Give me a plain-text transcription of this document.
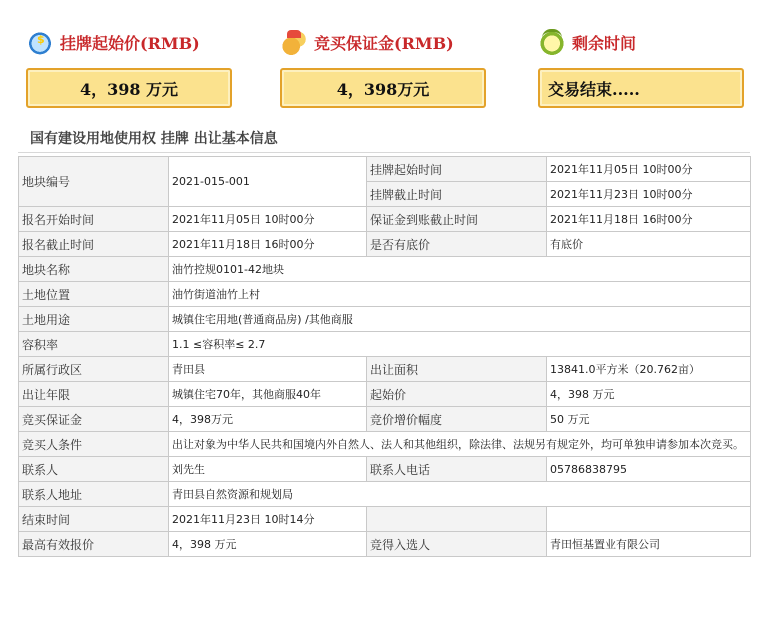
$
挂牌起始价(RMB)
4，398 万元
竞买保证金(RMB)
4，398万元
剩余时间
交易结束.....
国有建设用地使用权 挂牌 出让基本信息
地块编号	2021-015-001	挂牌起始时间	2021年11月05日 10时00分
		挂牌截止时间	2021年11月23日 10时00分
报名开始时间	2021年11月05日 10时00分	保证金到账截止时间	2021年11月18日 16时00分
报名截止时间	2021年11月18日 16时00分	是否有底价	有底价
地块名称	油竹控规0101-42地块		
土地位置	油竹街道油竹上村		
土地用途	城镇住宅用地(普通商品房) /其他商服		
容积率	1.1 ≤容积率≤ 2.7		
所属行政区	青田县	出让面积	13841.0平方米（20.762亩）
出让年限	城镇住宅70年，其他商服40年	起始价	4，398 万元
竞买保证金	4，398万元	竞价增价幅度	50 万元
竞买人条件	出让对象为中华人民共和国境内外自然人、法人和其他组织，除法律、法规另有规定外，均可单独申请参加本次竞买。		
联系人	刘先生	联系人电话	05786838795
联系人地址	青田县自然资源和规划局		
结束时间	2021年11月23日 10时14分		
最高有效报价	4，398 万元	竞得入选人	青田恒基置业有限公司
